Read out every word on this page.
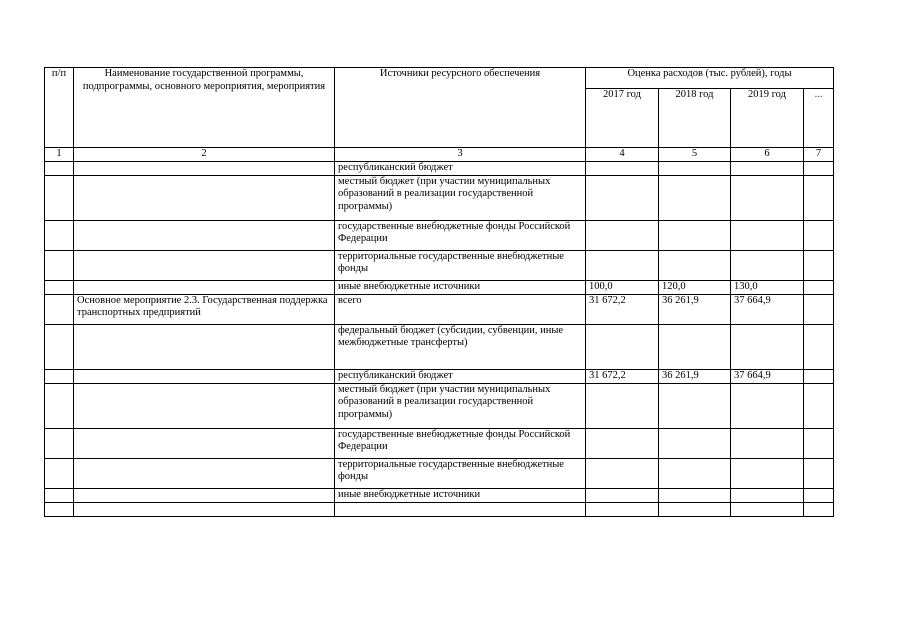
п/п	Наименование государственной программы, подпрограммы, основного мероприятия, мероприятия	Источники ресурсного обеспечения	Оценка расходов (тыс. рублей), годы			
			2017 год	2018 год	2019 год	...
1	2	3	4	5	6	7
		республиканский бюджет				
		местный бюджет (при участии муниципальных образований в реализации государственной программы)				
		государственные внебюджетные фонды Российской Федерации				
		территориальные государственные внебюджетные фонды				
		иные внебюджетные источники	100,0	120,0	130,0	
	Основное мероприятие 2.3. Государственная поддержка транспортных предприятий	всего	31 672,2	36 261,9	37 664,9	
		федеральный бюджет (субсидии, субвенции, иные межбюджетные трансферты)				
		республиканский бюджет	31 672,2	36 261,9	37 664,9	
		местный бюджет (при участии муниципальных образований в реализации государственной программы)				
		государственные внебюджетные фонды Российской Федерации				
		территориальные государственные внебюджетные фонды				
		иные внебюджетные источники				
